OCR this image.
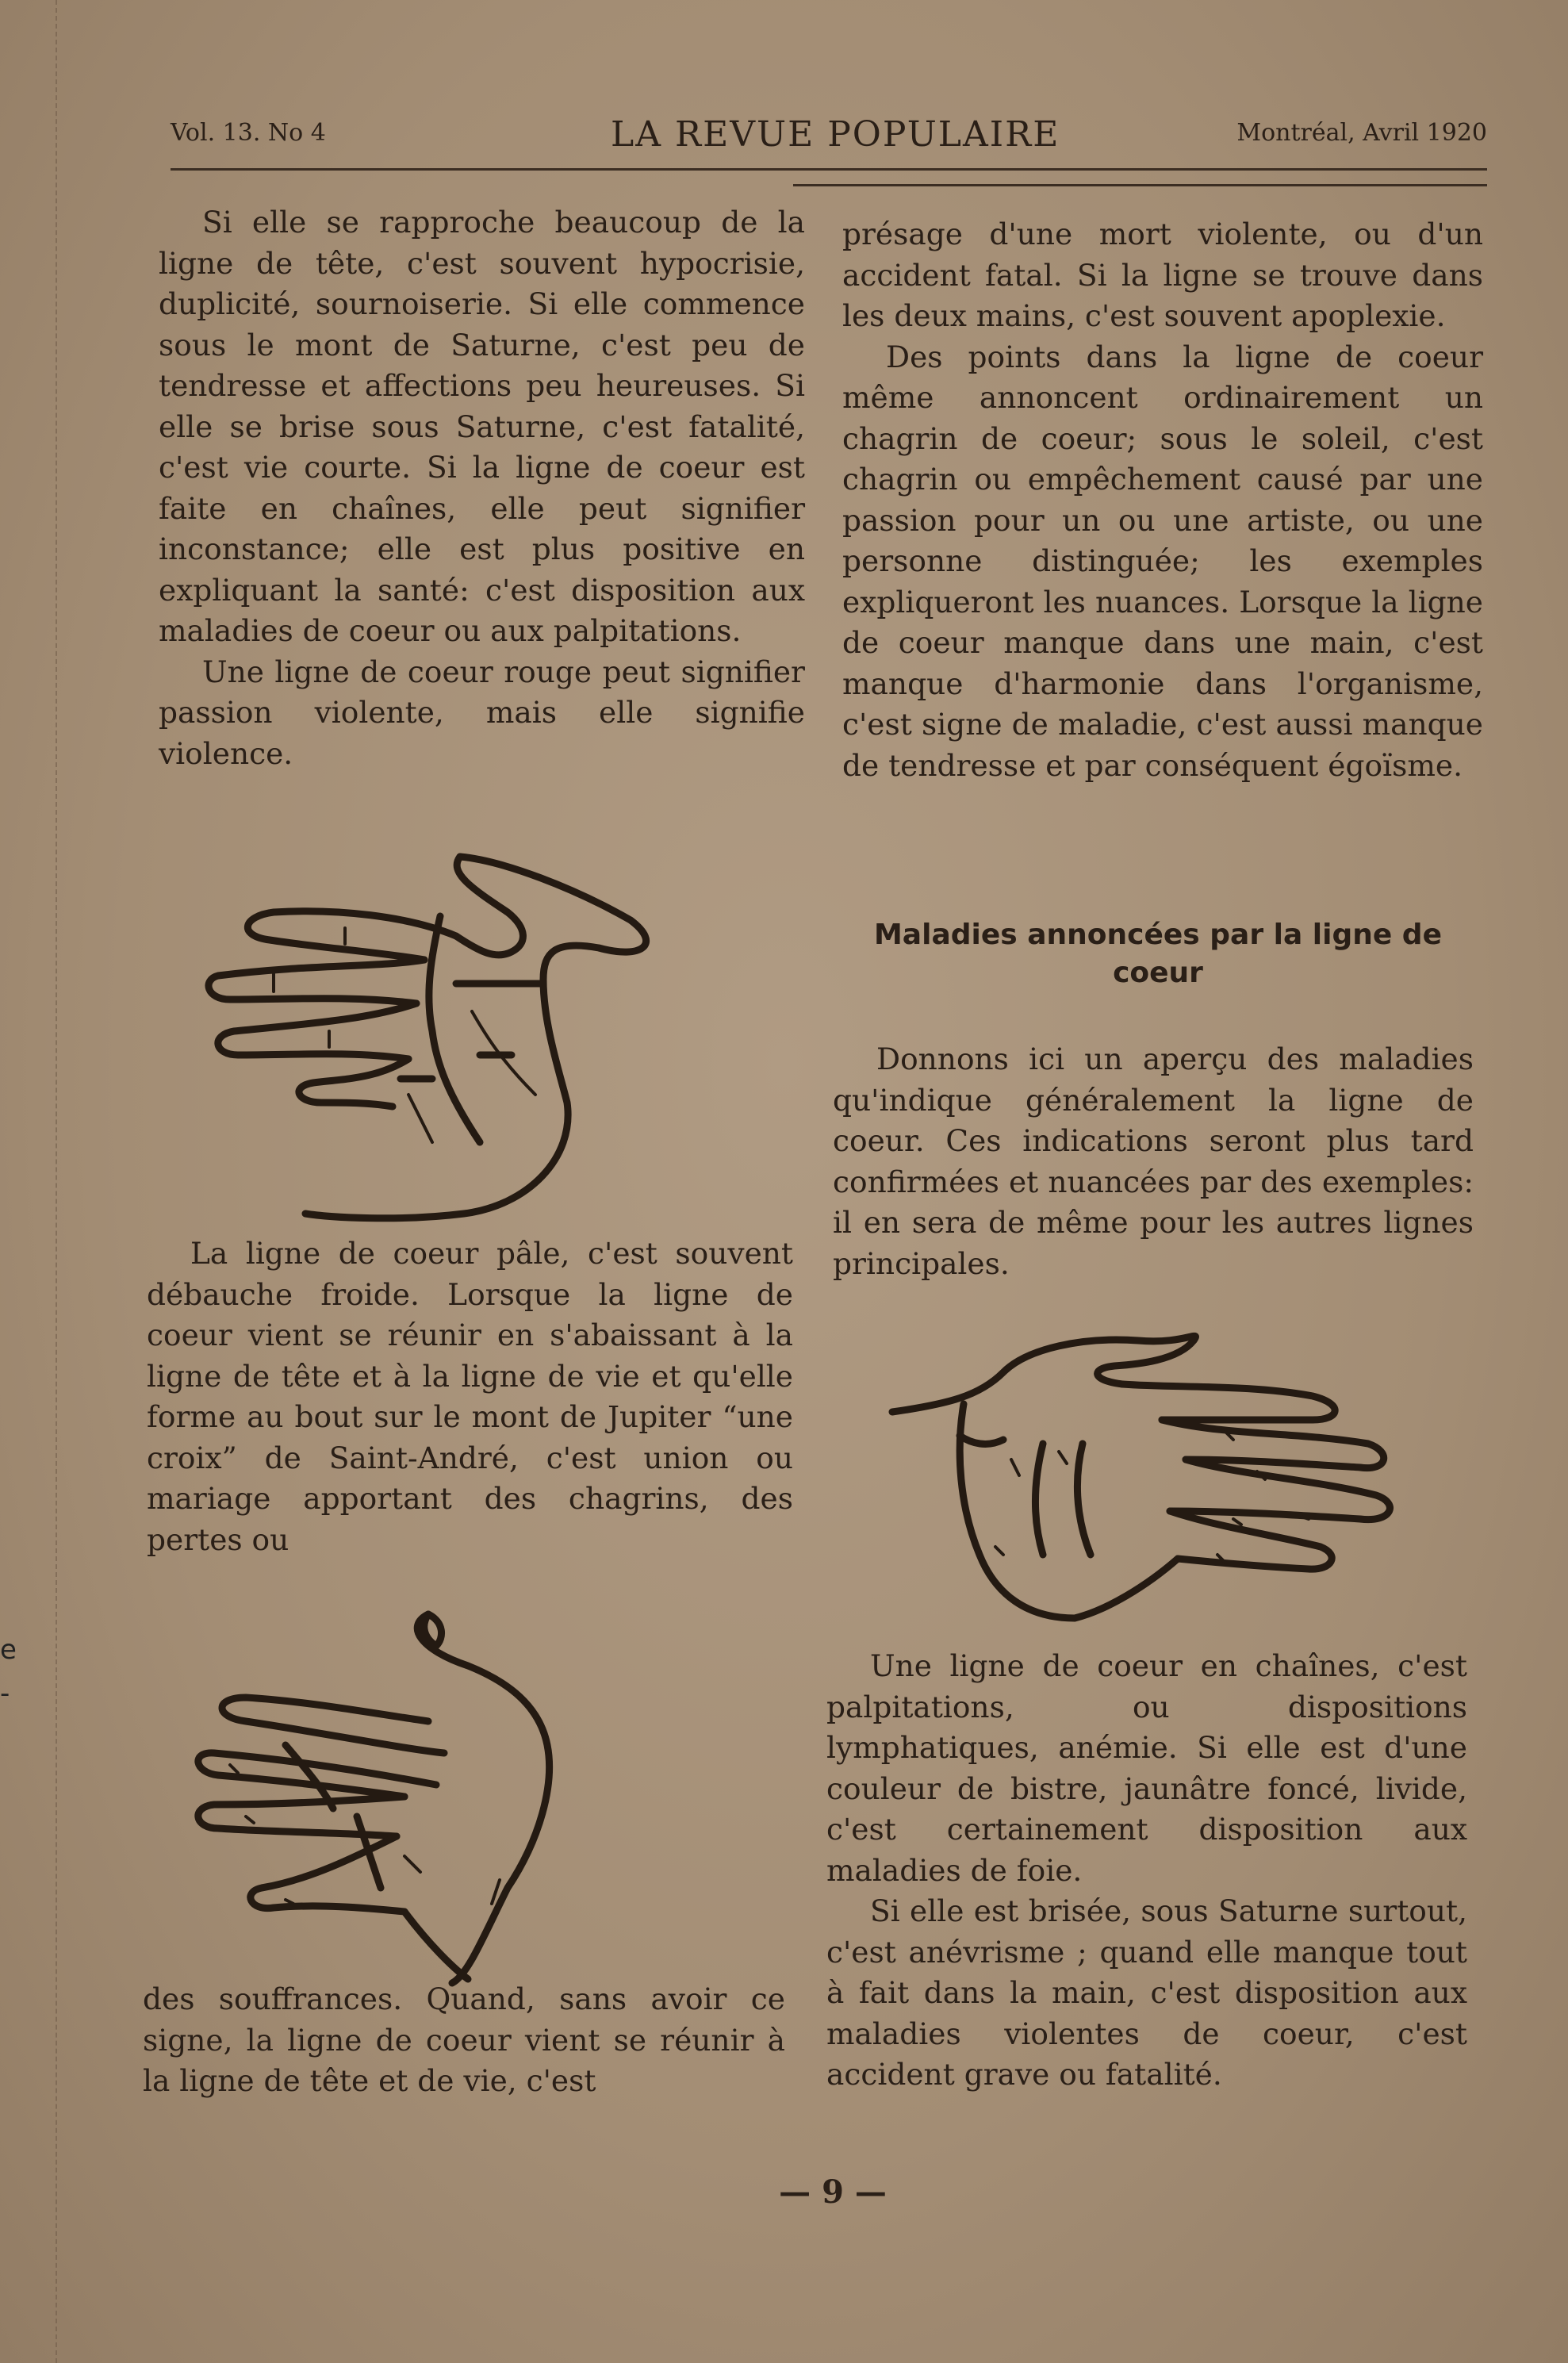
Vol. 13. No 4	LA REVUE POPULAIRE	Montréal, Avril 1920

Si elle se rapproche beaucoup de la ligne de tête, c'est souvent hypocrisie, duplicité, sournoiserie. Si elle commence sous le mont de Saturne, c'est peu de tendresse et affections peu heureuses. Si elle se brise sous Saturne, c'est fatalité, c'est vie courte. Si la ligne de coeur est faite en chaînes, elle peut signifier inconstance; elle est plus positive en expliquant la santé: c'est disposition aux maladies de coeur ou aux palpitations.

Une ligne de coeur rouge peut signifier passion violente, mais elle signifie violence.

La ligne de coeur pâle, c'est souvent débauche froide. Lorsque la ligne de coeur vient se réunir en s'abaissant à la ligne de tête et à la ligne de vie et qu'elle forme au bout sur le mont de Jupiter “une croix” de Saint-André, c'est union ou mariage apportant des chagrins, des pertes ou

des souffrances. Quand, sans avoir ce signe, la ligne de coeur vient se réunir à la ligne de tête et de vie, c'est

présage d'une mort violente, ou d'un accident fatal. Si la ligne se trouve dans les deux mains, c'est souvent apoplexie.

Des points dans la ligne de coeur même annoncent ordinairement un chagrin de coeur; sous le soleil, c'est chagrin ou empêchement causé par une passion pour un ou une artiste, ou une personne distinguée; les exemples expliqueront les nuances. Lorsque la ligne de coeur manque dans une main, c'est manque d'harmonie dans l'organisme, c'est signe de maladie, c'est aussi manque de tendresse et par conséquent égoïsme.

Maladies annoncées par la ligne de coeur

Donnons ici un aperçu des maladies qu'indique généralement la ligne de coeur. Ces indications seront plus tard confirmées et nuancées par des exemples: il en sera de même pour les autres lignes principales.

Une ligne de coeur en chaînes, c'est palpitations, ou dispositions lymphatiques, anémie. Si elle est d'une couleur de bistre, jaunâtre foncé, livide, c'est certainement disposition aux maladies de foie.

Si elle est brisée, sous Saturne surtout, c'est anévrisme ; quand elle manque tout à fait dans la main, c'est disposition aux maladies violentes de coeur, c'est accident grave ou fatalité.

— 9 —
e
-
